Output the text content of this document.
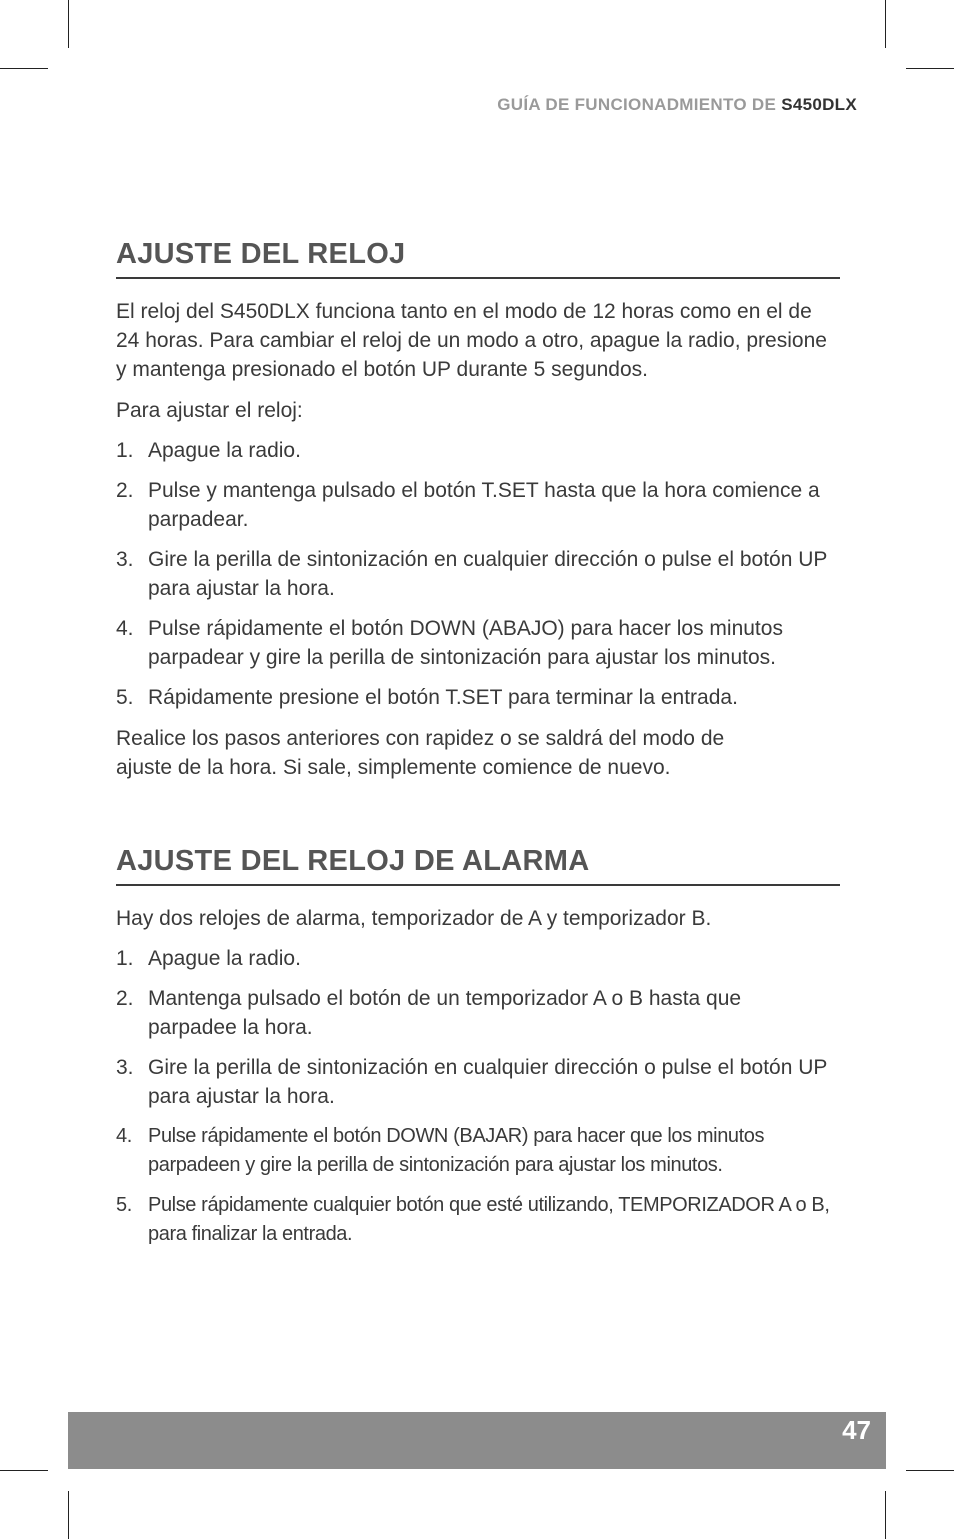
GUÍA DE FUNCIONADMIENTO DE S450DLX
AJUSTE DEL RELOJ

El reloj del S450DLX funciona tanto en el modo de 12 horas como en el de 24 horas. Para cambiar el reloj de un modo a otro, apague la radio, presione y mantenga presionado el botón UP durante 5 segundos.

Para ajustar el reloj:

1. Apague la radio.
2. Pulse y mantenga pulsado el botón T.SET hasta que la hora comience a parpadear.
3. Gire la perilla de sintonización en cualquier dirección o pulse el botón UP para ajustar la hora.
4. Pulse rápidamente el botón DOWN (ABAJO) para hacer los minutos parpadear y gire la perilla de sintonización para ajustar los minutos.
5. Rápidamente presione el botón T.SET para terminar la entrada.

Realice los pasos anteriores con rapidez o se saldrá del modo de ajuste de la hora. Si sale, simplemente comience de nuevo.

AJUSTE DEL RELOJ DE ALARMA

Hay dos relojes de alarma, temporizador de A y temporizador B.

1. Apague la radio.
2. Mantenga pulsado el botón de un temporizador A o B hasta que parpadee la hora.
3. Gire la perilla de sintonización en cualquier dirección o pulse el botón UP para ajustar la hora.
4. Pulse rápidamente el botón DOWN (BAJAR) para hacer que los minutos parpadeen y gire la perilla de sintonización para ajustar los minutos.
5. Pulse rápidamente cualquier botón que esté utilizando, TEMPORIZADOR A o B, para finalizar la entrada.
47
